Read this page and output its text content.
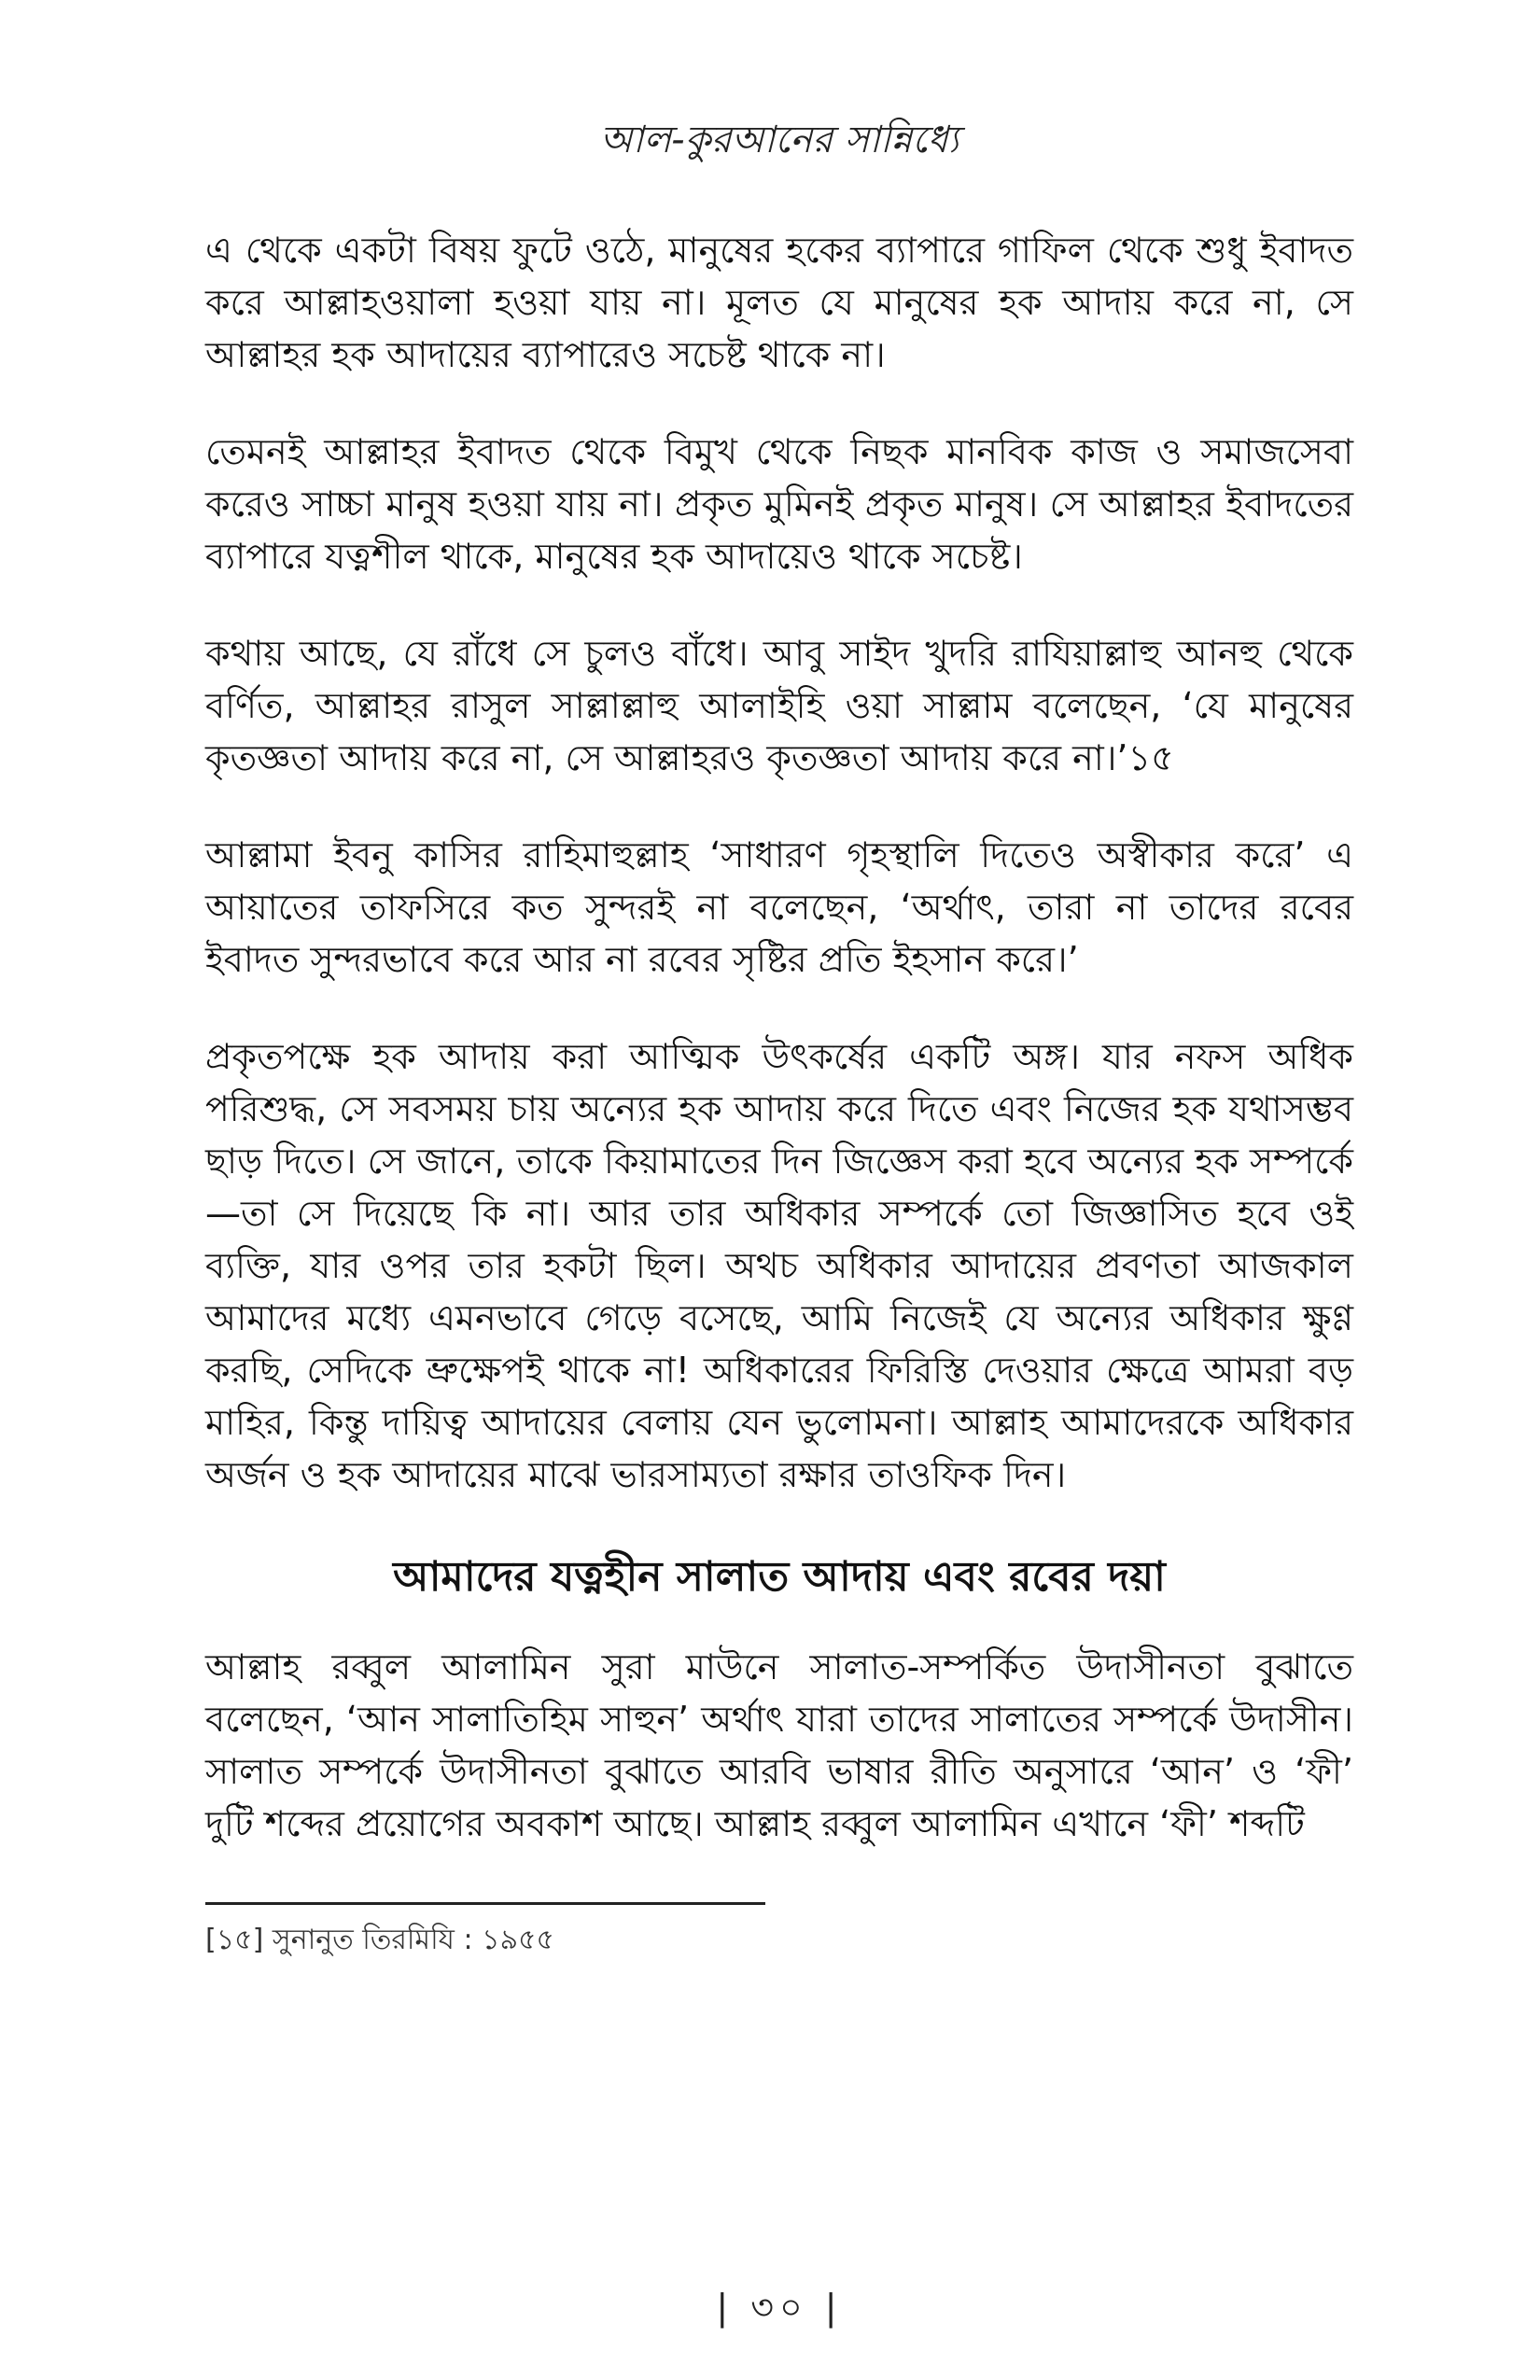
আল-কুরআনের সান্নিধ্যে

এ থেকে একটা বিষয় ফুটে ওঠে, মানুষের হকের ব্যাপারে গাফিল থেকে শুধু ইবাদত করে আল্লাহওয়ালা হওয়া যায় না। মূলত যে মানুষের হক আদায় করে না, সে আল্লাহর হক আদায়ের ব্যাপারেও সচেষ্ট থাকে না।

তেমনই আল্লাহর ইবাদত থেকে বিমুখ থেকে নিছক মানবিক কাজ ও সমাজসেবা করেও সাচ্চা মানুষ হওয়া যায় না। প্রকৃত মুমিনই প্রকৃত মানুষ। সে আল্লাহর ইবাদতের ব্যাপারে যত্নশীল থাকে, মানুষের হক আদায়েও থাকে সচেষ্ট।

কথায় আছে, যে রাঁধে সে চুলও বাঁধে। আবু সাইদ খুদরি রাযিয়াল্লাহু আনহু থেকে বর্ণিত, আল্লাহর রাসুল সাল্লাল্লাহু আলাইহি ওয়া সাল্লাম বলেছেন, ‘যে মানুষের কৃতজ্ঞতা আদায় করে না, সে আল্লাহরও কৃতজ্ঞতা আদায় করে না।’১৫

আল্লামা ইবনু কাসির রাহিমাহুল্লাহ ‘সাধারণ গৃহস্থালি দিতেও অস্বীকার করে’ এ আয়াতের তাফসিরে কত সুন্দরই না বলেছেন, ‘অর্থাৎ, তারা না তাদের রবের ইবাদত সুন্দরভাবে করে আর না রবের সৃষ্টির প্রতি ইহসান করে।’

প্রকৃতপক্ষে হক আদায় করা আত্মিক উৎকর্ষের একটি অঙ্গ। যার নফস অধিক পরিশুদ্ধ, সে সবসময় চায় অন্যের হক আদায় করে দিতে এবং নিজের হক যথাসম্ভব ছাড় দিতে। সে জানে, তাকে কিয়ামাতের দিন জিজ্ঞেস করা হবে অন্যের হক সম্পর্কে—তা সে দিয়েছে কি না। আর তার অধিকার সম্পর্কে তো জিজ্ঞাসিত হবে ওই ব্যক্তি, যার ওপর তার হকটা ছিল। অথচ অধিকার আদায়ের প্রবণতা আজকাল আমাদের মধ্যে এমনভাবে গেড়ে বসেছে, আমি নিজেই যে অন্যের অধিকার ক্ষুণ্ণ করছি, সেদিকে ভ্রুক্ষেপই থাকে না! অধিকারের ফিরিস্তি দেওয়ার ক্ষেত্রে আমরা বড় মাহির, কিন্তু দায়িত্ব আদায়ের বেলায় যেন ভুলোমনা। আল্লাহ আমাদেরকে অধিকার অর্জন ও হক আদায়ের মাঝে ভারসাম্যতা রক্ষার তাওফিক দিন।

আমাদের যত্নহীন সালাত আদায় এবং রবের দয়া

আল্লাহ রব্বুল আলামিন সুরা মাউনে সালাত-সম্পর্কিত উদাসীনতা বুঝাতে বলেছেন, ‘আন সালাতিহিম সাহুন’ অর্থাৎ যারা তাদের সালাতের সম্পর্কে উদাসীন। সালাত সম্পর্কে উদাসীনতা বুঝাতে আরবি ভাষার রীতি অনুসারে ‘আন’ ও ‘ফী’ দুটি শব্দের প্রয়োগের অবকাশ আছে। আল্লাহ রব্বুল আলামিন এখানে ‘ফী’ শব্দটি

[১৫] সুনানুত তিরমিযি : ১৯৫৫
| ৩০ |
